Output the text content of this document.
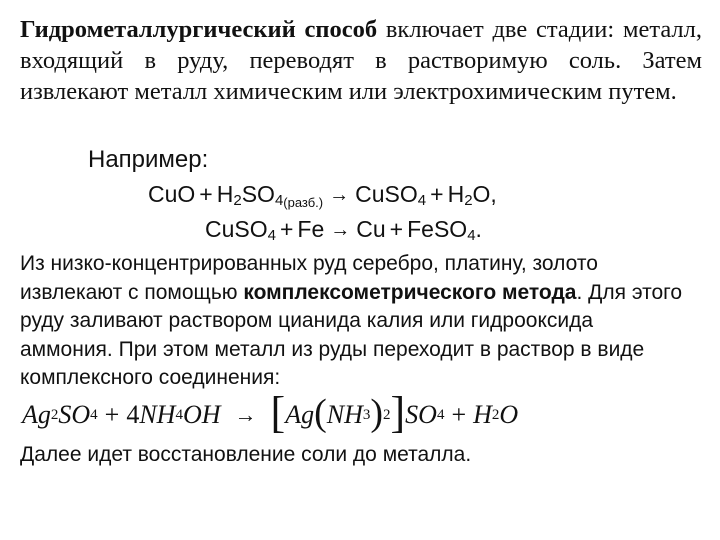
Гидрометаллургический способ включает две стадии: металл, входящий в руду, переводят в растворимую соль. Затем извлекают металл химическим или электрохимическим путем.
Например:
CuO + $H_2SO_{4(разб.)}$ → CuSO$_4$ + $H_2O$,
CuSO$_4$ + Fe → Cu + FeSO$_4$.
Из низко-концентрированных руд серебро, платину, золото извлекают с помощью комплексометрического метода. Для этого руду заливают раствором цианида калия или гидрооксида аммония. При этом металл из руды переходит в раствор в виде комплексного соединения:
Ag 2 SO 4 + 4 NH 4 OH → [ Ag ( NH 3 ) 2 ] SO 4 + H 2 O
Далее идет восстановление соли до металла.
